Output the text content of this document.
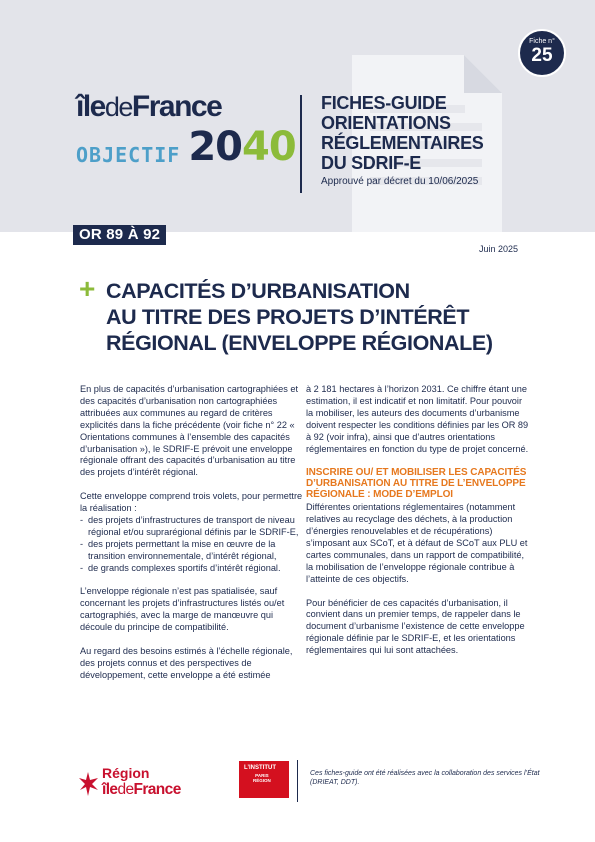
îledeFrance
OBJECTIF 2040
FICHES-GUIDE
ORIENTATIONS
RÉGLEMENTAIRES
DU SDRIF-E
Approuvé par décret du 10/06/2025
Fiche n°
25
OR 89 À 92
Juin 2025
+ CAPACITÉS D’URBANISATION
AU TITRE DES PROJETS D’INTÉRÊT
RÉGIONAL (ENVELOPPE RÉGIONALE)

En plus de capacités d’urbanisation cartographiées et des capacités d’urbanisation non cartographiées attribuées aux communes au regard de critères explicités dans la fiche précédente (voir fiche n° 22 « Orientations communes à l’ensemble des capacités d’urbanisation »), le SDRIF-E prévoit une enveloppe régionale offrant des capacités d’urbanisation au titre des projets d’intérêt régional.

Cette enveloppe comprend trois volets, pour permettre la réalisation :

- des projets d’infrastructures de transport de niveau régional et/ou suprarégional définis par le SDRIF-E,
- des projets permettant la mise en œuvre de la transition environnementale, d’intérêt régional,
- de grands complexes sportifs d’intérêt régional.

L’enveloppe régionale n’est pas spatialisée, sauf concernant les projets d’infrastructures listés ou/et cartographiés, avec la marge de manœuvre qui découle du principe de compatibilité.

Au regard des besoins estimés à l’échelle régionale, des projets connus et des perspectives de développement, cette enveloppe a été estimée

à 2 181 hectares à l’horizon 2031. Ce chiffre étant une estimation, il est indicatif et non limitatif. Pour pouvoir la mobiliser, les auteurs des documents d’urbanisme doivent respecter les conditions définies par les OR 89 à 92 (voir infra), ainsi que d’autres orientations réglementaires en fonction du type de projet concerné.

INSCRIRE OU/ ET MOBILISER LES CAPACITÉS D’URBANISATION AU TITRE DE L’ENVELOPPE RÉGIONALE : MODE D’EMPLOI

Différentes orientations réglementaires (notamment relatives au recyclage des déchets, à la production d’énergies renouvelables et de récupérations) s’imposant aux SCoT, et à défaut de SCoT aux PLU et cartes communales, dans un rapport de compatibilité, la mobilisation de l’enveloppe régionale contribue à l’atteinte de ces objectifs.

Pour bénéficier de ces capacités d’urbanisation, il convient dans un premier temps, de rappeler dans le document d’urbanisme l’existence de cette enveloppe régionale définie par le SDRIF-E, et les orientations réglementaires qui lui sont attachées.

Région
îledeFrance
L’INSTITUT
PARIS
RÉGION
Ces fiches-guide ont été réalisées avec la collaboration des services l’État (DRIEAT, DDT).
